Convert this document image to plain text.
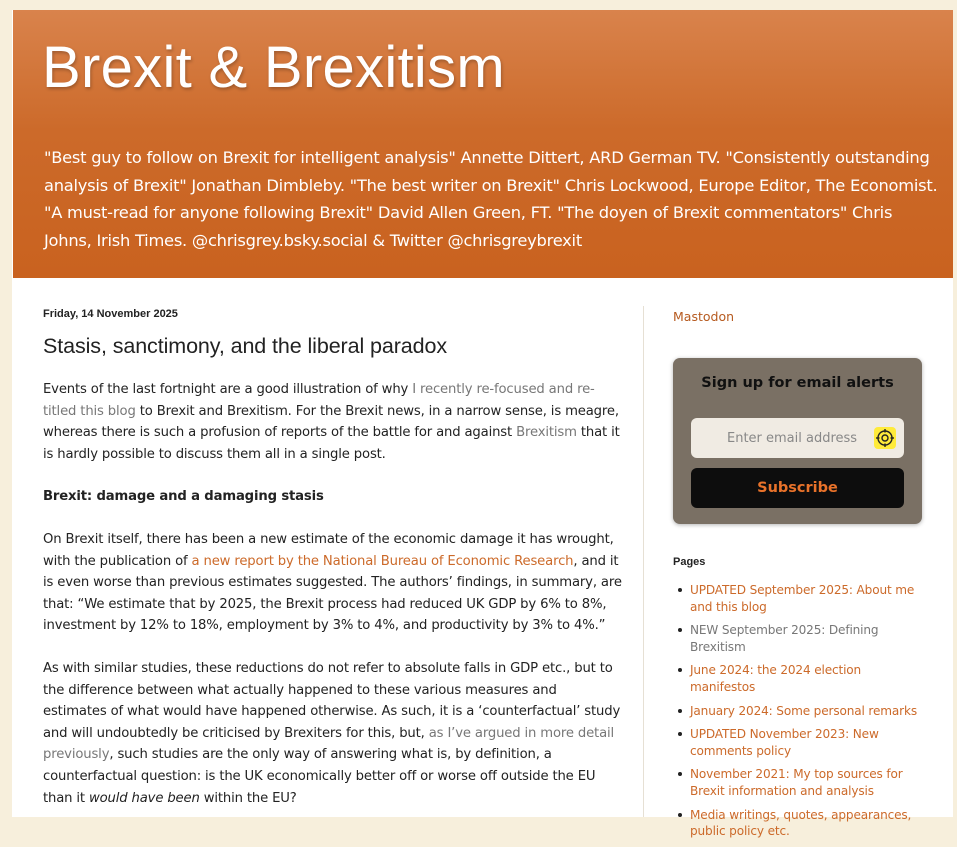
Brexit & Brexitism

"Best guy to follow on Brexit for intelligent analysis" Annette Dittert, ARD German TV. "Consistently outstanding analysis of Brexit" Jonathan Dimbleby. "The best writer on Brexit" Chris Lockwood, Europe Editor, The Economist. "A must-read for anyone following Brexit" David Allen Green, FT. "The doyen of Brexit commentators" Chris Johns, Irish Times. @chrisgrey.bsky.social & Twitter @chrisgreybrexit

Friday, 14 November 2025
Stasis, sanctimony, and the liberal paradox

Events of the last fortnight are a good illustration of why I recently re-focused and re-titled this blog to Brexit and Brexitism. For the Brexit news, in a narrow sense, is meagre, whereas there is such a profusion of reports of the battle for and against Brexitism that it is hardly possible to discuss them all in a single post.

Brexit: damage and a damaging stasis

On Brexit itself, there has been a new estimate of the economic damage it has wrought, with the publication of a new report by the National Bureau of Economic Research, and it is even worse than previous estimates suggested. The authors’ findings, in summary, are that: “We estimate that by 2025, the Brexit process had reduced UK GDP by 6% to 8%, investment by 12% to 18%, employment by 3% to 4%, and productivity by 3% to 4%.”

As with similar studies, these reductions do not refer to absolute falls in GDP etc., but to the difference between what actually happened to these various measures and estimates of what would have happened otherwise. As such, it is a ‘counterfactual’ study and will undoubtedly be criticised by Brexiters for this, but, as I’ve argued in more detail previously, such studies are the only way of answering what is, by definition, a counterfactual question: is the UK economically better off or worse off outside the EU than it would have been within the EU?

Mastodon

Sign up for email alerts

Enter email address
Subscribe
Pages
UPDATED September 2025: About me and this blog
NEW September 2025: Defining Brexitism
June 2024: the 2024 election manifestos
January 2024: Some personal remarks
UPDATED November 2023: New comments policy
November 2021: My top sources for Brexit information and analysis
Media writings, quotes, appearances, public policy etc.
